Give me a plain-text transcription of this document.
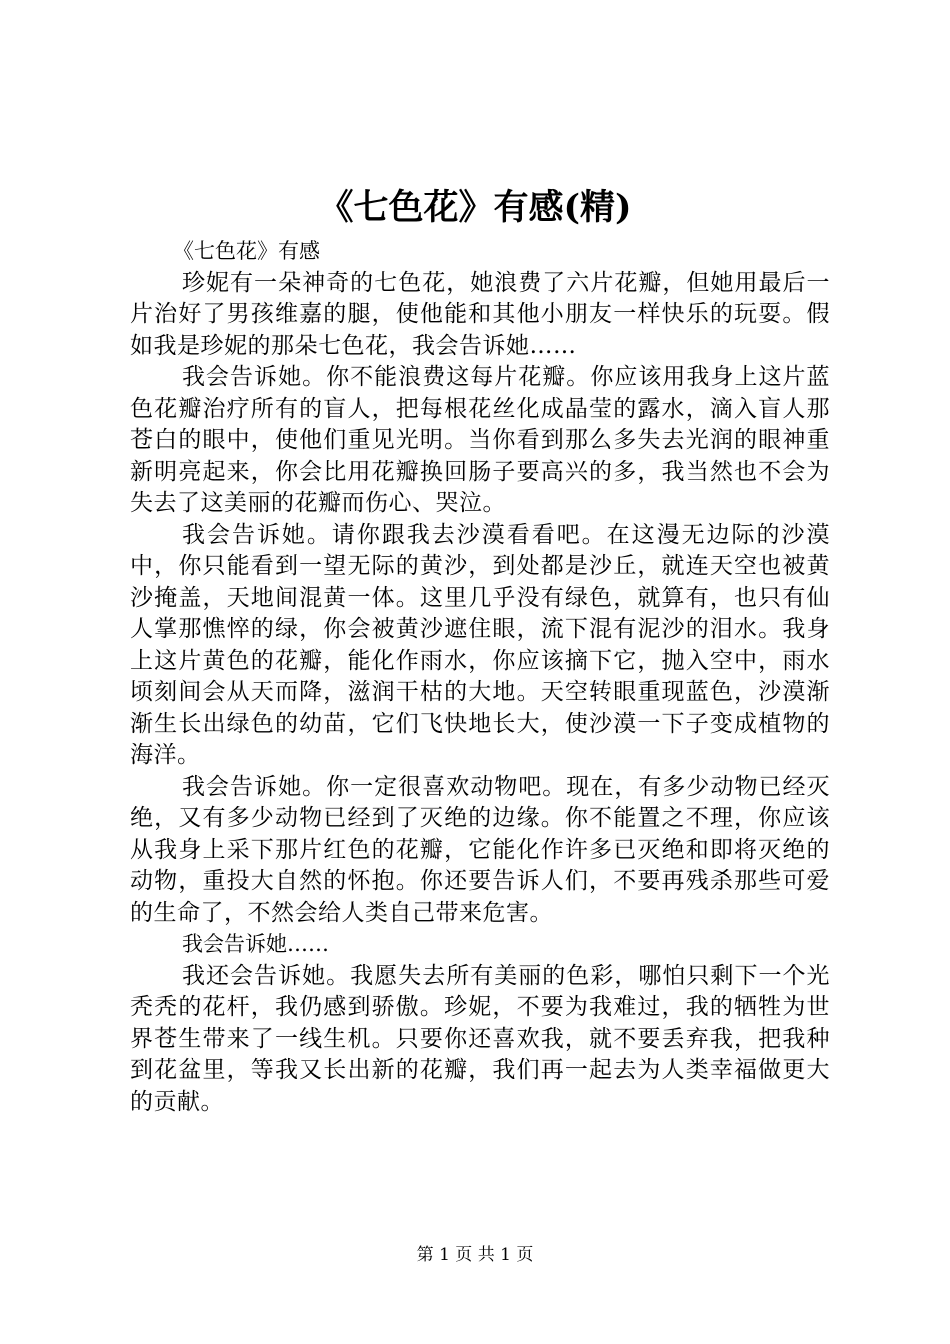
《七色花》有感(精)

《七色花》有感

珍妮有一朵神奇的七色花，她浪费了六片花瓣，但她用最后一片治好了男孩维嘉的腿，使他能和其他小朋友一样快乐的玩耍。假如我是珍妮的那朵七色花，我会告诉她……

我会告诉她。你不能浪费这每片花瓣。你应该用我身上这片蓝色花瓣治疗所有的盲人，把每根花丝化成晶莹的露水，滴入盲人那苍白的眼中，使他们重见光明。当你看到那么多失去光润的眼神重新明亮起来，你会比用花瓣换回肠子要高兴的多，我当然也不会为失去了这美丽的花瓣而伤心、哭泣。

我会告诉她。请你跟我去沙漠看看吧。在这漫无边际的沙漠中，你只能看到一望无际的黄沙，到处都是沙丘，就连天空也被黄沙掩盖，天地间混黄一体。这里几乎没有绿色，就算有，也只有仙人掌那憔悴的绿，你会被黄沙遮住眼，流下混有泥沙的泪水。我身上这片黄色的花瓣，能化作雨水，你应该摘下它，抛入空中，雨水顷刻间会从天而降，滋润干枯的大地。天空转眼重现蓝色，沙漠渐渐生长出绿色的幼苗，它们飞快地长大，使沙漠一下子变成植物的海洋。

我会告诉她。你一定很喜欢动物吧。现在，有多少动物已经灭绝，又有多少动物已经到了灭绝的边缘。你不能置之不理，你应该从我身上采下那片红色的花瓣，它能化作许多已灭绝和即将灭绝的动物，重投大自然的怀抱。你还要告诉人们，不要再残杀那些可爱的生命了，不然会给人类自己带来危害。

我会告诉她……

我还会告诉她。我愿失去所有美丽的色彩，哪怕只剩下一个光秃秃的花杆，我仍感到骄傲。珍妮，不要为我难过，我的牺牲为世界苍生带来了一线生机。只要你还喜欢我，就不要丢弃我，把我种到花盆里，等我又长出新的花瓣，我们再一起去为人类幸福做更大的贡献。

第 1 页 共 1 页
